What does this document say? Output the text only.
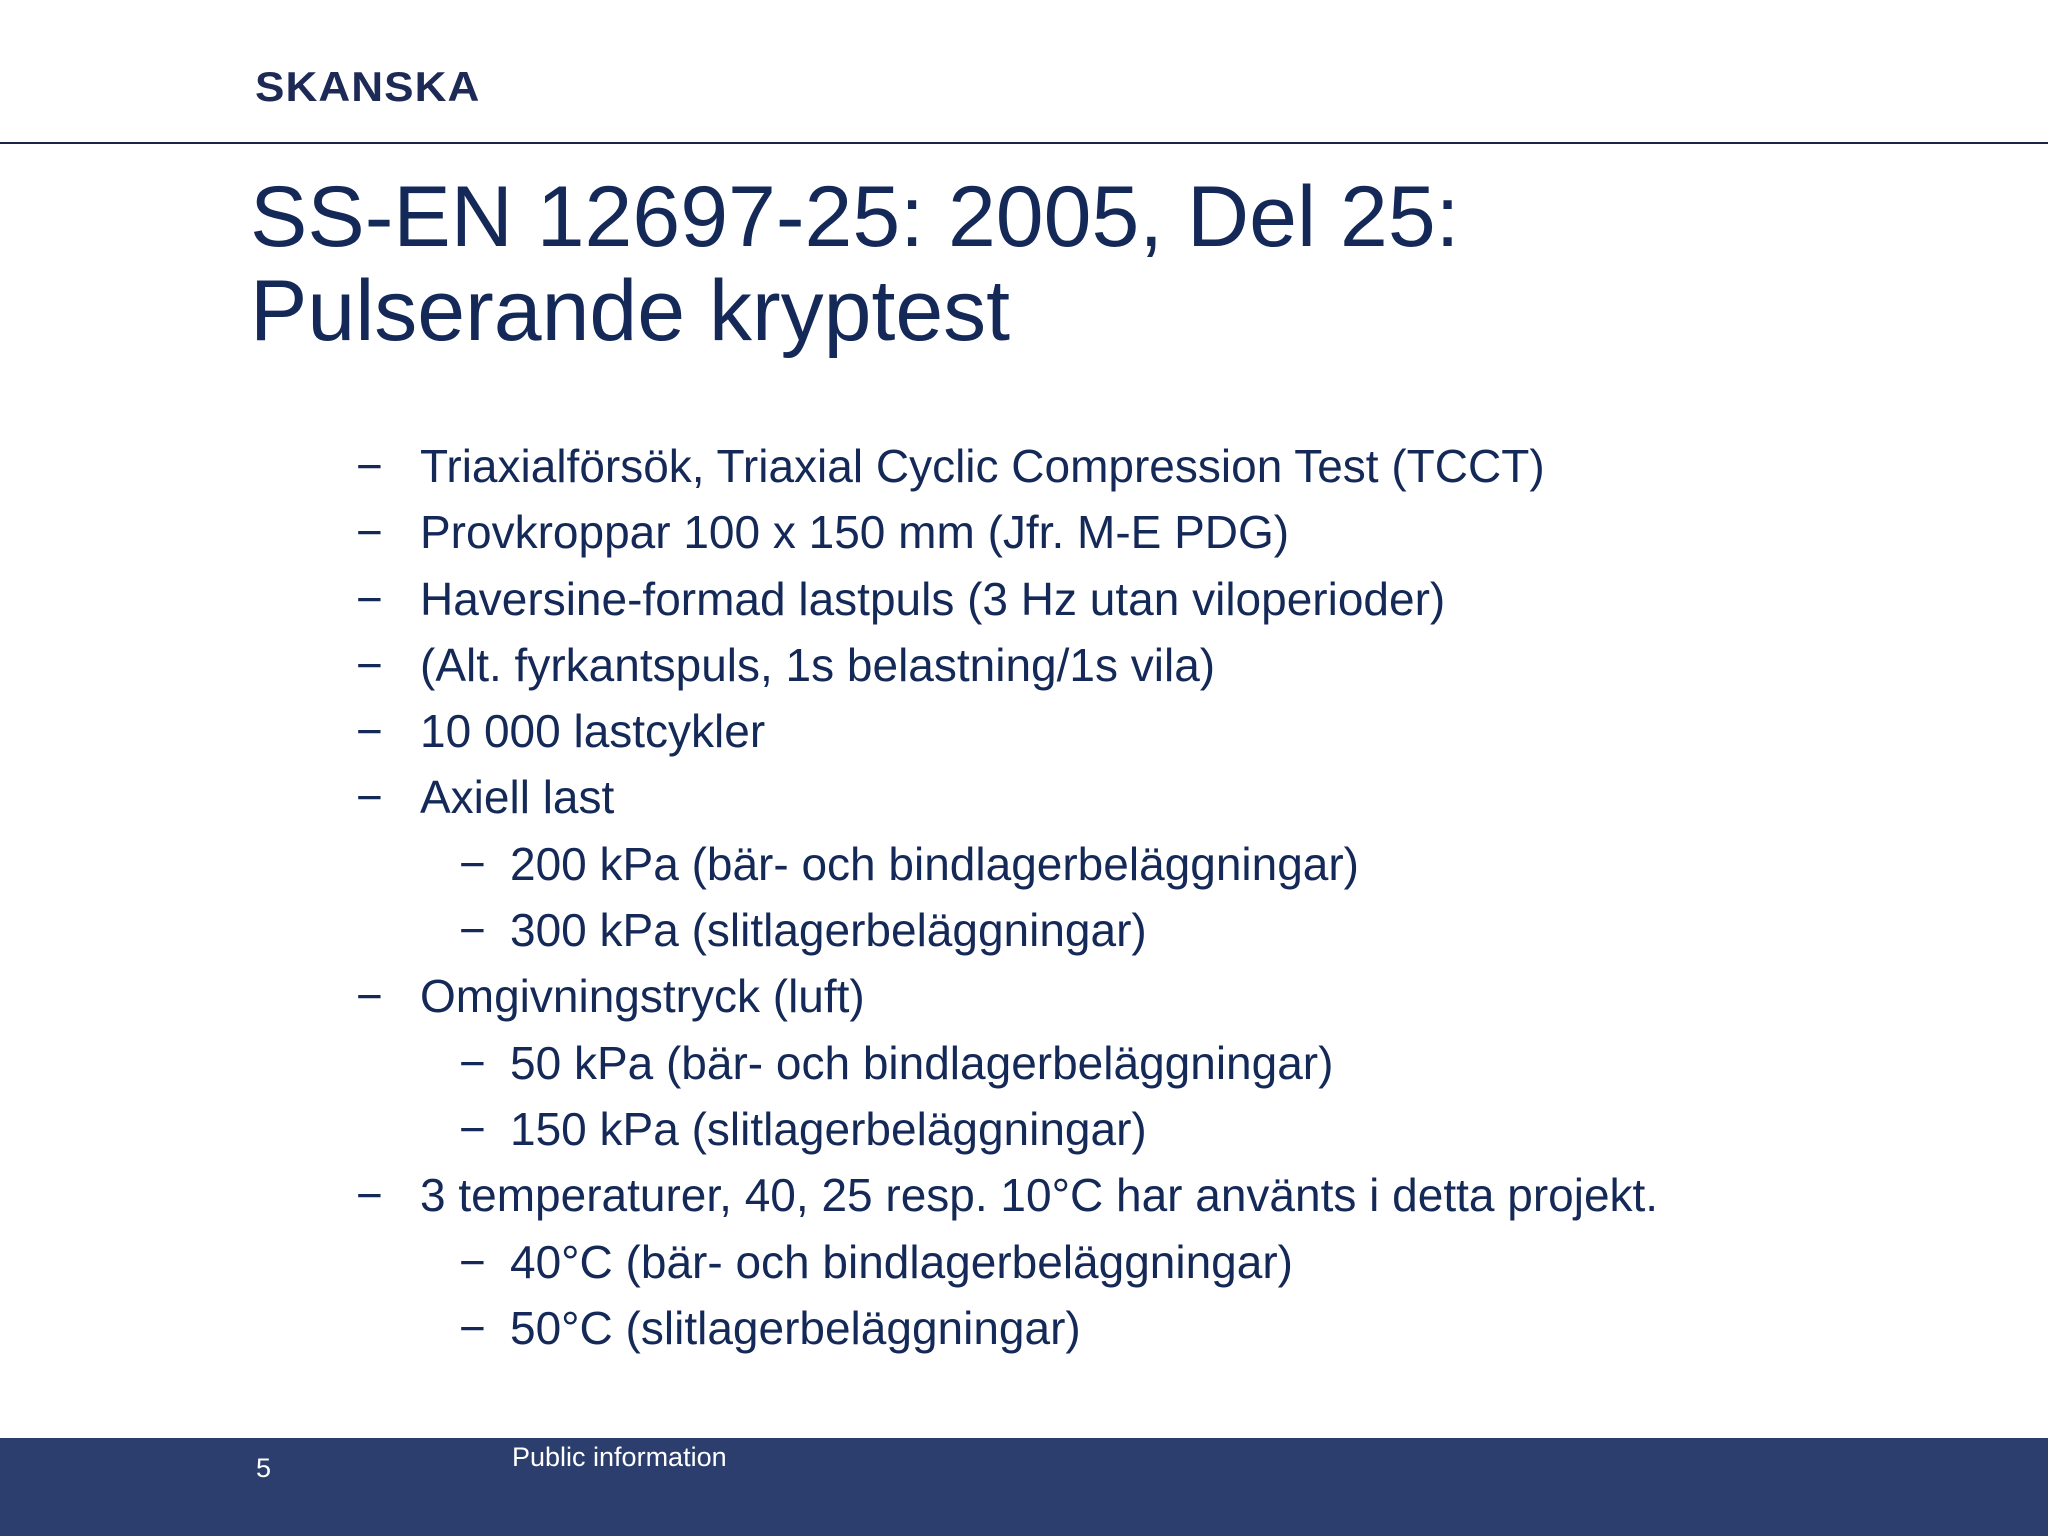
SKANSKA
SS-EN 12697-25: 2005, Del 25:
Pulserande kryptest
− Triaxialförsök, Triaxial Cyclic Compression Test (TCCT)
− Provkroppar 100 x 150 mm (Jfr. M-E PDG)
− Haversine-formad lastpuls (3 Hz utan viloperioder)
− (Alt. fyrkantspuls, 1s belastning/1s vila)
− 10 000 lastcykler
− Axiell last
− 200 kPa (bär- och bindlagerbeläggningar)
− 300 kPa (slitlagerbeläggningar)
− Omgivningstryck (luft)
− 50 kPa (bär- och bindlagerbeläggningar)
− 150 kPa (slitlagerbeläggningar)
− 3 temperaturer, 40, 25 resp. 10°C har använts i detta projekt.
− 40°C (bär- och bindlagerbeläggningar)
− 50°C (slitlagerbeläggningar)
5	Public information
